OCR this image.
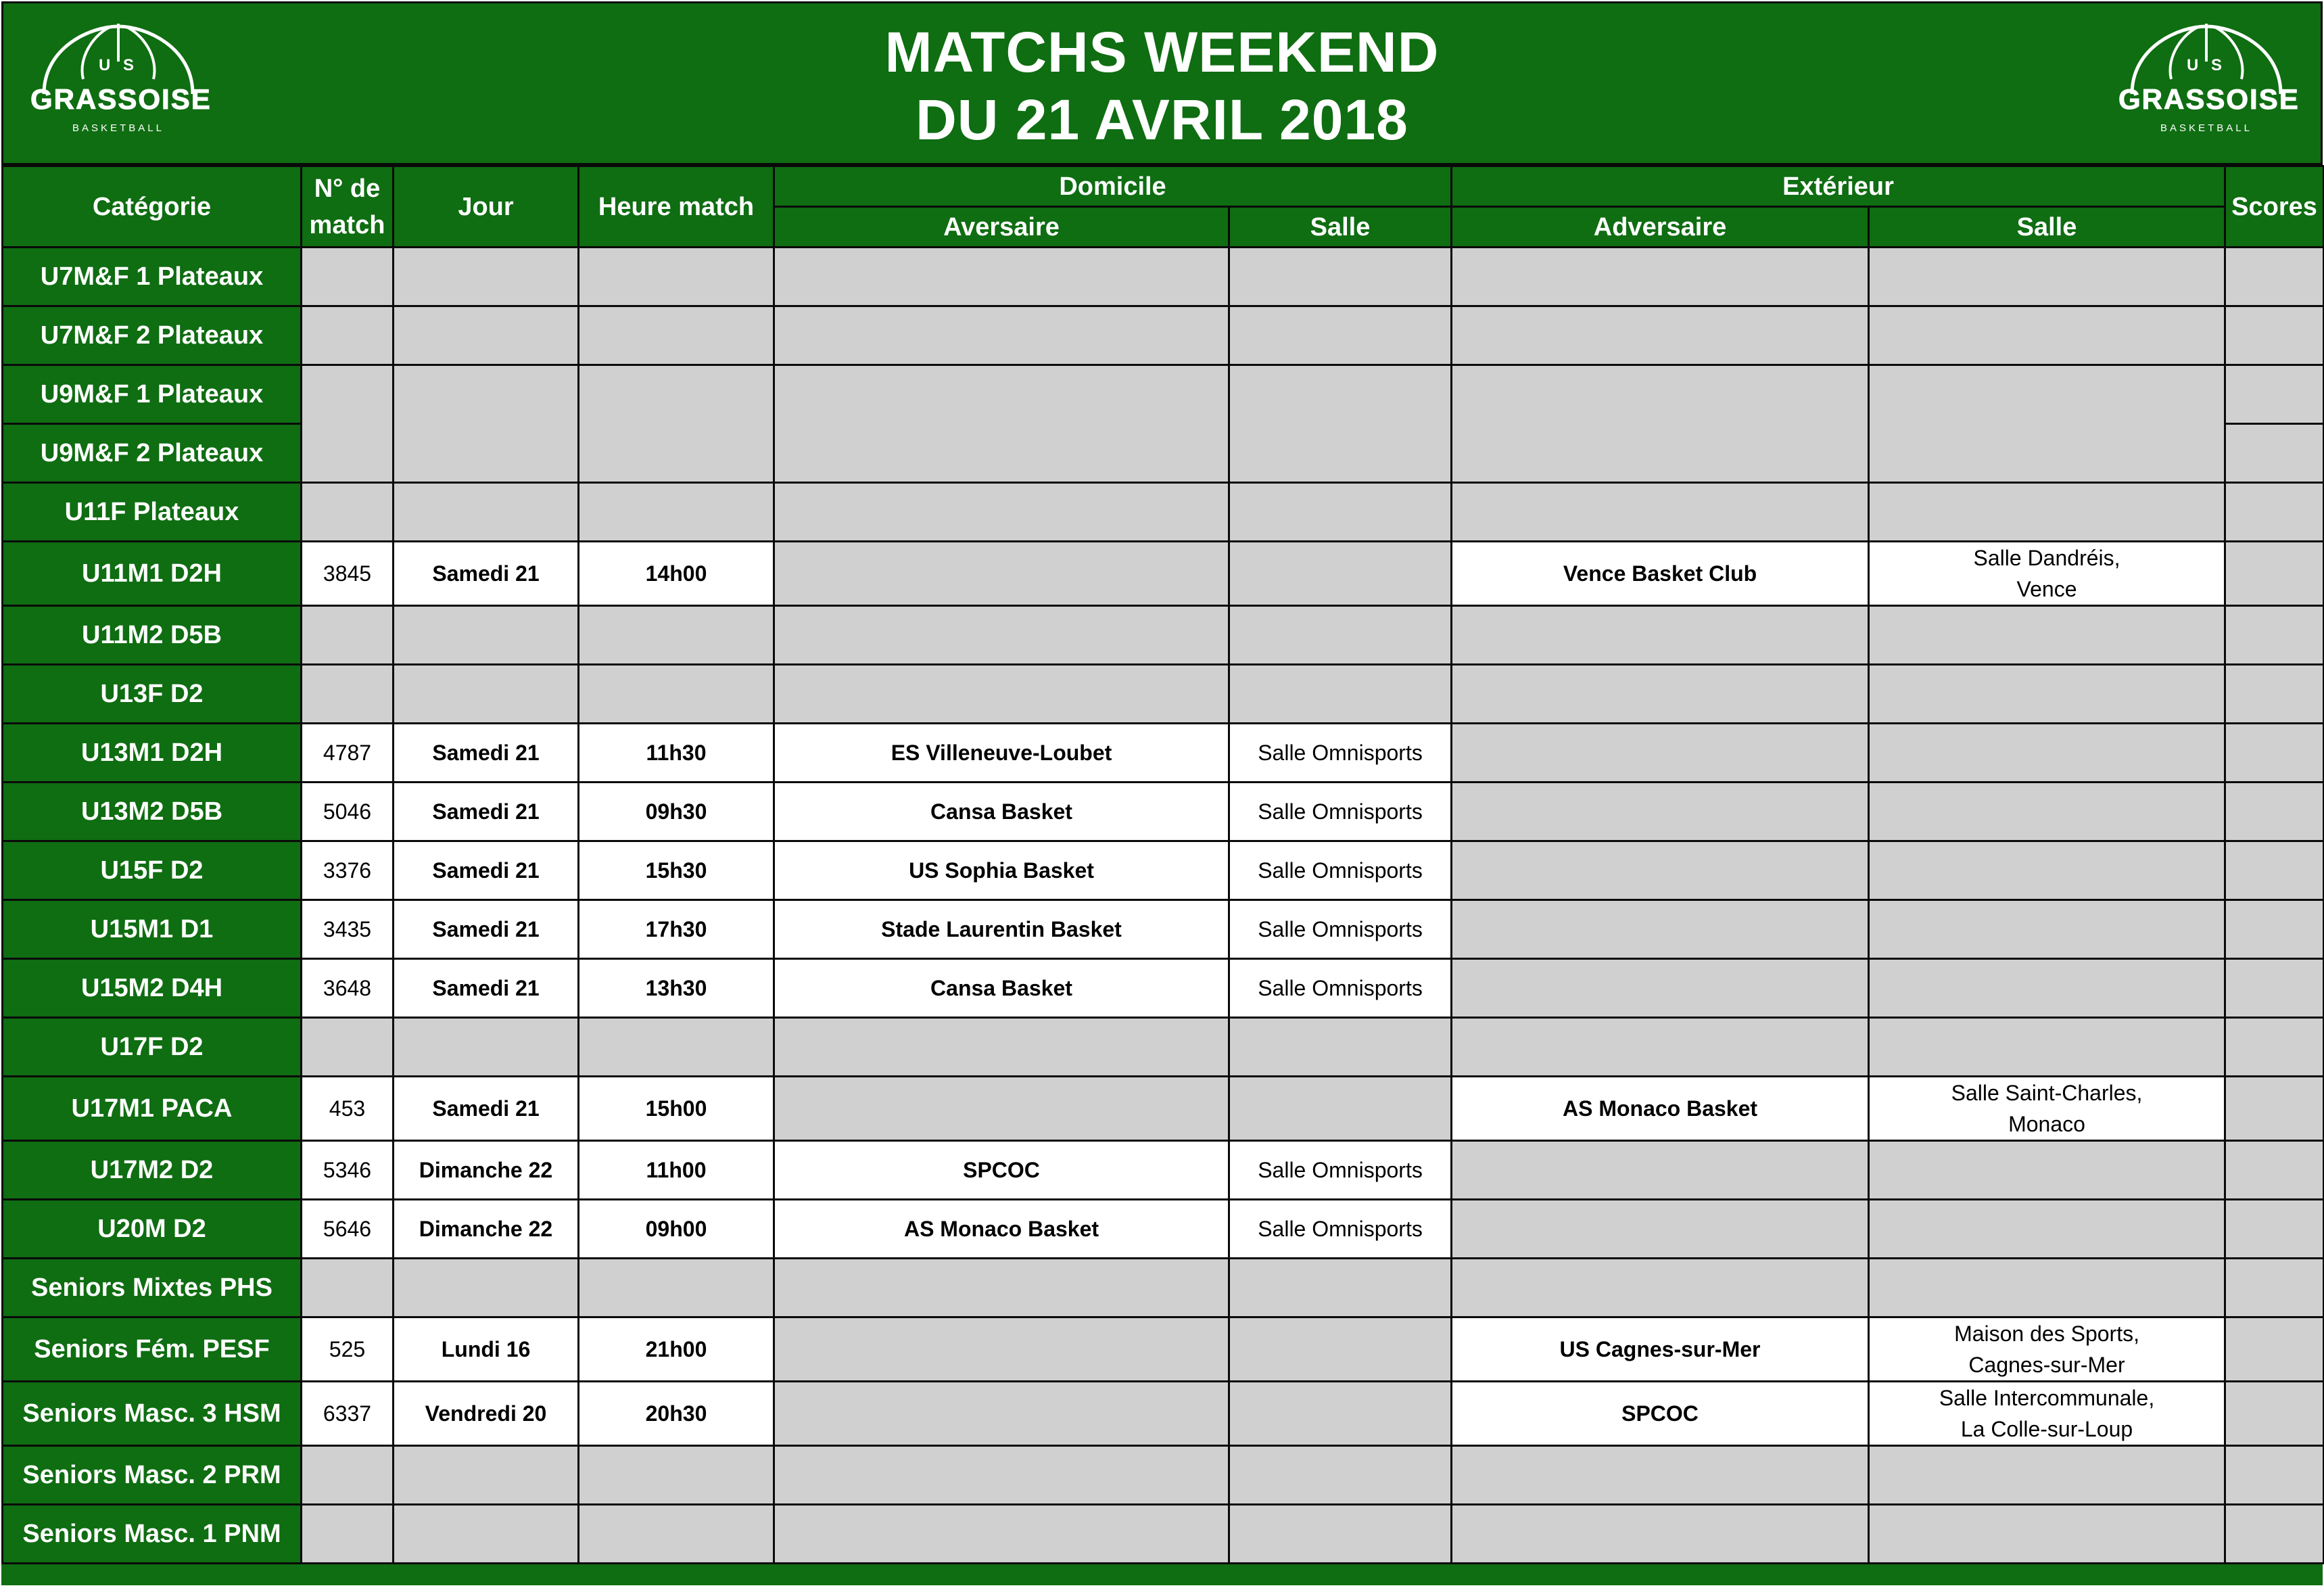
U S
GRASSOISE
BASKETBALL
MATCHS WEEKEND
DU 21 AVRIL 2018
U S
GRASSOISE
BASKETBALL
Catégorie	N° de match	Jour	Heure match	Domicile		Extérieur		Scores
				Aversaire	Salle	Adversaire	Salle	
U7M&F 1 Plateaux								
U7M&F 2 Plateaux								
U9M&F 1 Plateaux								
U9M&F 2 Plateaux								
U11F Plateaux								
U11M1 D2H	3845	Samedi 21	14h00			Vence Basket Club	Salle Dandréis,
Vence	

U11M2 D5B								
U13F D2								
U13M1 D2H	4787	Samedi 21	11h30	ES Villeneuve-Loubet	Salle Omnisports			
U13M2 D5B	5046	Samedi 21	09h30	Cansa Basket	Salle Omnisports			
U15F D2	3376	Samedi 21	15h30	US Sophia Basket	Salle Omnisports			
U15M1 D1	3435	Samedi 21	17h30	Stade Laurentin Basket	Salle Omnisports			
U15M2 D4H	3648	Samedi 21	13h30	Cansa Basket	Salle Omnisports			
U17F D2								
U17M1 PACA	453	Samedi 21	15h00			AS Monaco Basket	Salle Saint-Charles,
Monaco	

U17M2 D2	5346	Dimanche 22	11h00	SPCOC	Salle Omnisports			
U20M D2	5646	Dimanche 22	09h00	AS Monaco Basket	Salle Omnisports			
Seniors Mixtes PHS								
Seniors Fém. PESF	525	Lundi 16	21h00			US Cagnes-sur-Mer	Maison des Sports,
Cagnes-sur-Mer	

Seniors Masc. 3 HSM	6337	Vendredi 20	20h30			SPCOC	Salle Intercommunale,
La Colle-sur-Loup	

Seniors Masc. 2 PRM								
Seniors Masc. 1 PNM								
